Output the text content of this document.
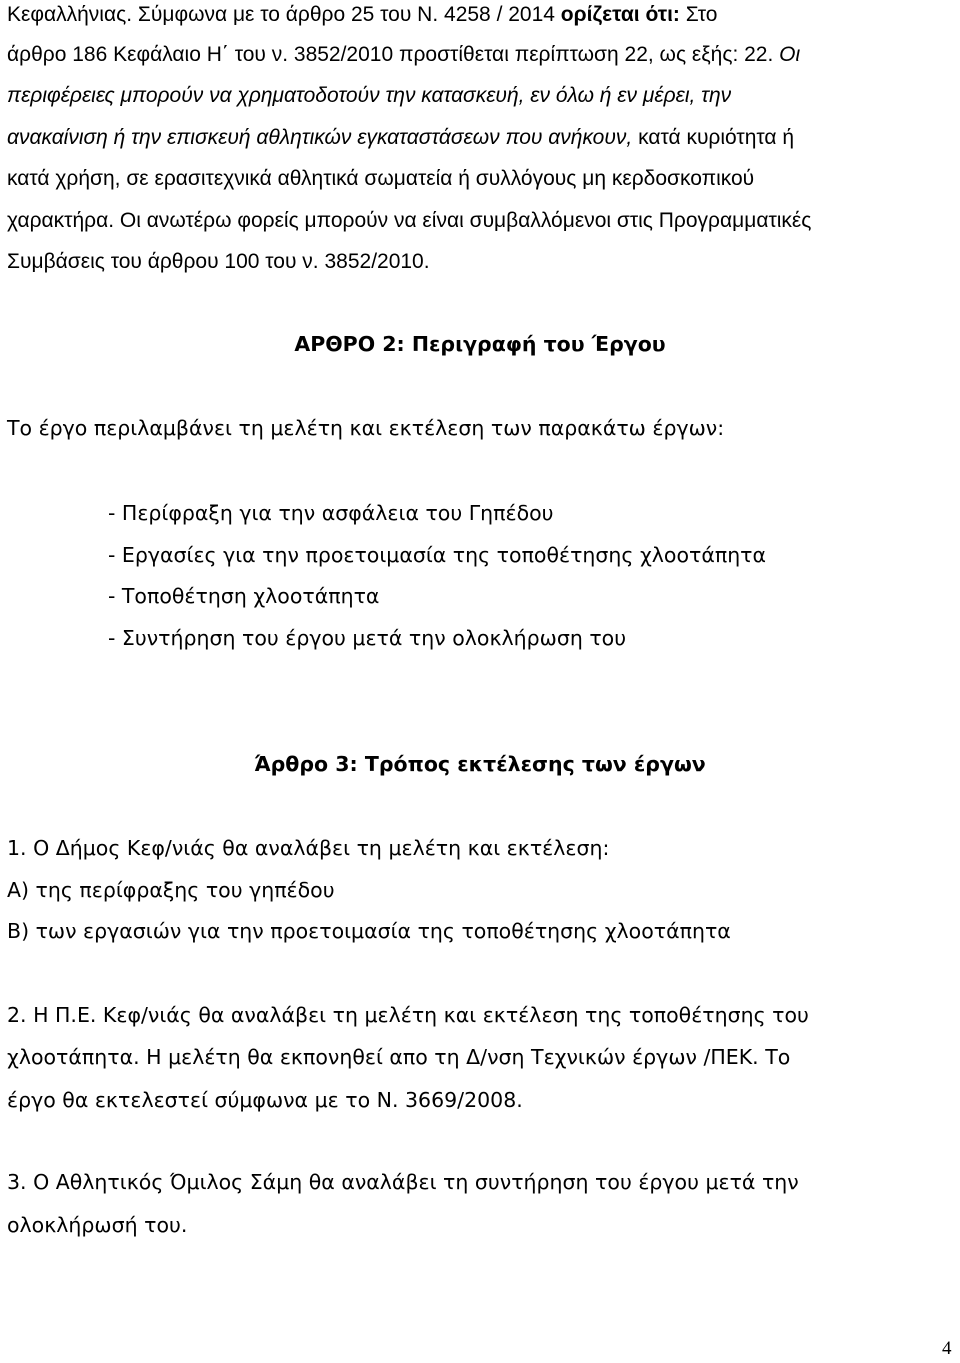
Κεφαλλήνιας. Σύμφωνα με το άρθρο 25 του Ν. 4258 / 2014 ορίζεται ότι: Στο
άρθρο 186 Κεφάλαιο Η΄ του ν. 3852/2010 προστίθεται περίπτωση 22, ως εξής: 22. Οι
περιφέρειες μπορούν να χρηματοδοτούν την κατασκευή, εν όλω ή εν μέρει, την
ανακαίνιση ή την επισκευή αθλητικών εγκαταστάσεων που ανήκουν, κατά κυριότητα ή
κατά χρήση, σε ερασιτεχνικά αθλητικά σωματεία ή συλλόγους μη κερδοσκοπικού
χαρακτήρα. Οι ανωτέρω φορείς μπορούν να είναι συμβαλλόμενοι στις Προγραμματικές
Συμβάσεις του άρθρου 100 του ν. 3852/2010.
ΑΡΘΡΟ 2: Περιγραφή του Έργου
Το έργο περιλαμβάνει τη μελέτη και εκτέλεση των παρακάτω έργων:
- Περίφραξη για την ασφάλεια του Γηπέδου
- Εργασίες για την προετοιμασία της τοποθέτησης χλοοτάπητα
- Τοποθέτηση χλοοτάπητα
- Συντήρηση του έργου μετά την ολοκλήρωση του
Άρθρο 3: Τρόπος εκτέλεσης των έργων
1. Ο Δήμος Κεφ/νιάς θα αναλάβει τη μελέτη και εκτέλεση:
Α) της περίφραξης του γηπέδου
Β) των εργασιών για την προετοιμασία της τοποθέτησης χλοοτάπητα
2. Η Π.Ε. Κεφ/νιάς θα αναλάβει τη μελέτη και εκτέλεση της τοποθέτησης του
χλοοτάπητα. Η μελέτη θα εκπονηθεί απο τη Δ/νση Τεχνικών έργων /ΠΕΚ. Το
έργο θα εκτελεστεί σύμφωνα με το Ν. 3669/2008.
3. Ο Αθλητικός Όμιλος Σάμη θα αναλάβει τη συντήρηση του έργου μετά την
ολοκλήρωσή του.
4
